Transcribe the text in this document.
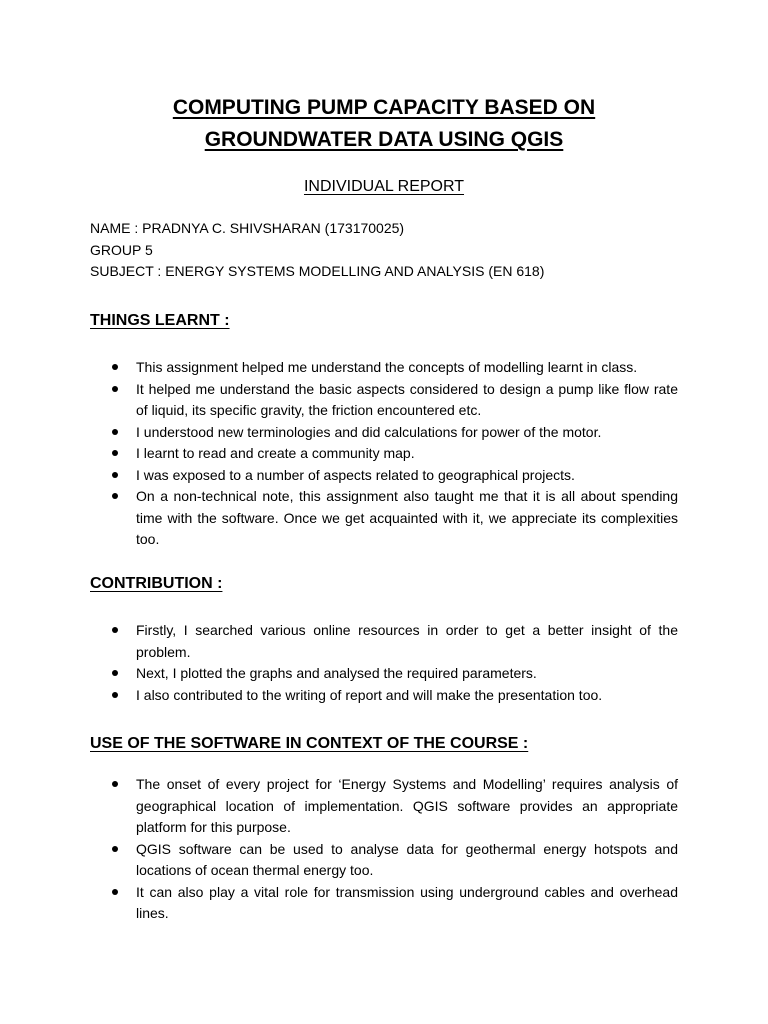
COMPUTING PUMP CAPACITY BASED ON
GROUNDWATER DATA USING QGIS
INDIVIDUAL REPORT
NAME : PRADNYA C. SHIVSHARAN (173170025)
GROUP 5
SUBJECT : ENERGY SYSTEMS MODELLING AND ANALYSIS (EN 618)
THINGS LEARNT :
This assignment helped me understand the concepts of modelling learnt in class.
It helped me understand the basic aspects considered to design a pump like flow rate of liquid, its specific gravity, the friction encountered etc.
I understood new terminologies and did calculations for power of the motor.
I learnt to read and create a community map.
I was exposed to a number of aspects related to geographical projects.
On a non-technical note, this assignment also taught me that it is all about spending time with the software. Once we get acquainted with it, we appreciate its complexities too.
CONTRIBUTION :
Firstly, I searched various online resources in order to get a better insight of the problem.
Next, I plotted the graphs and analysed the required parameters.
I also contributed to the writing of report and will make the presentation too.
USE OF THE SOFTWARE IN CONTEXT OF THE COURSE :
The onset of every project for ‘Energy Systems and Modelling’ requires analysis of geographical location of implementation. QGIS software provides an appropriate platform for this purpose.
QGIS software can be used to analyse data for geothermal energy hotspots and locations of ocean thermal energy too.
It can also play a vital role for transmission using underground cables and overhead lines.
